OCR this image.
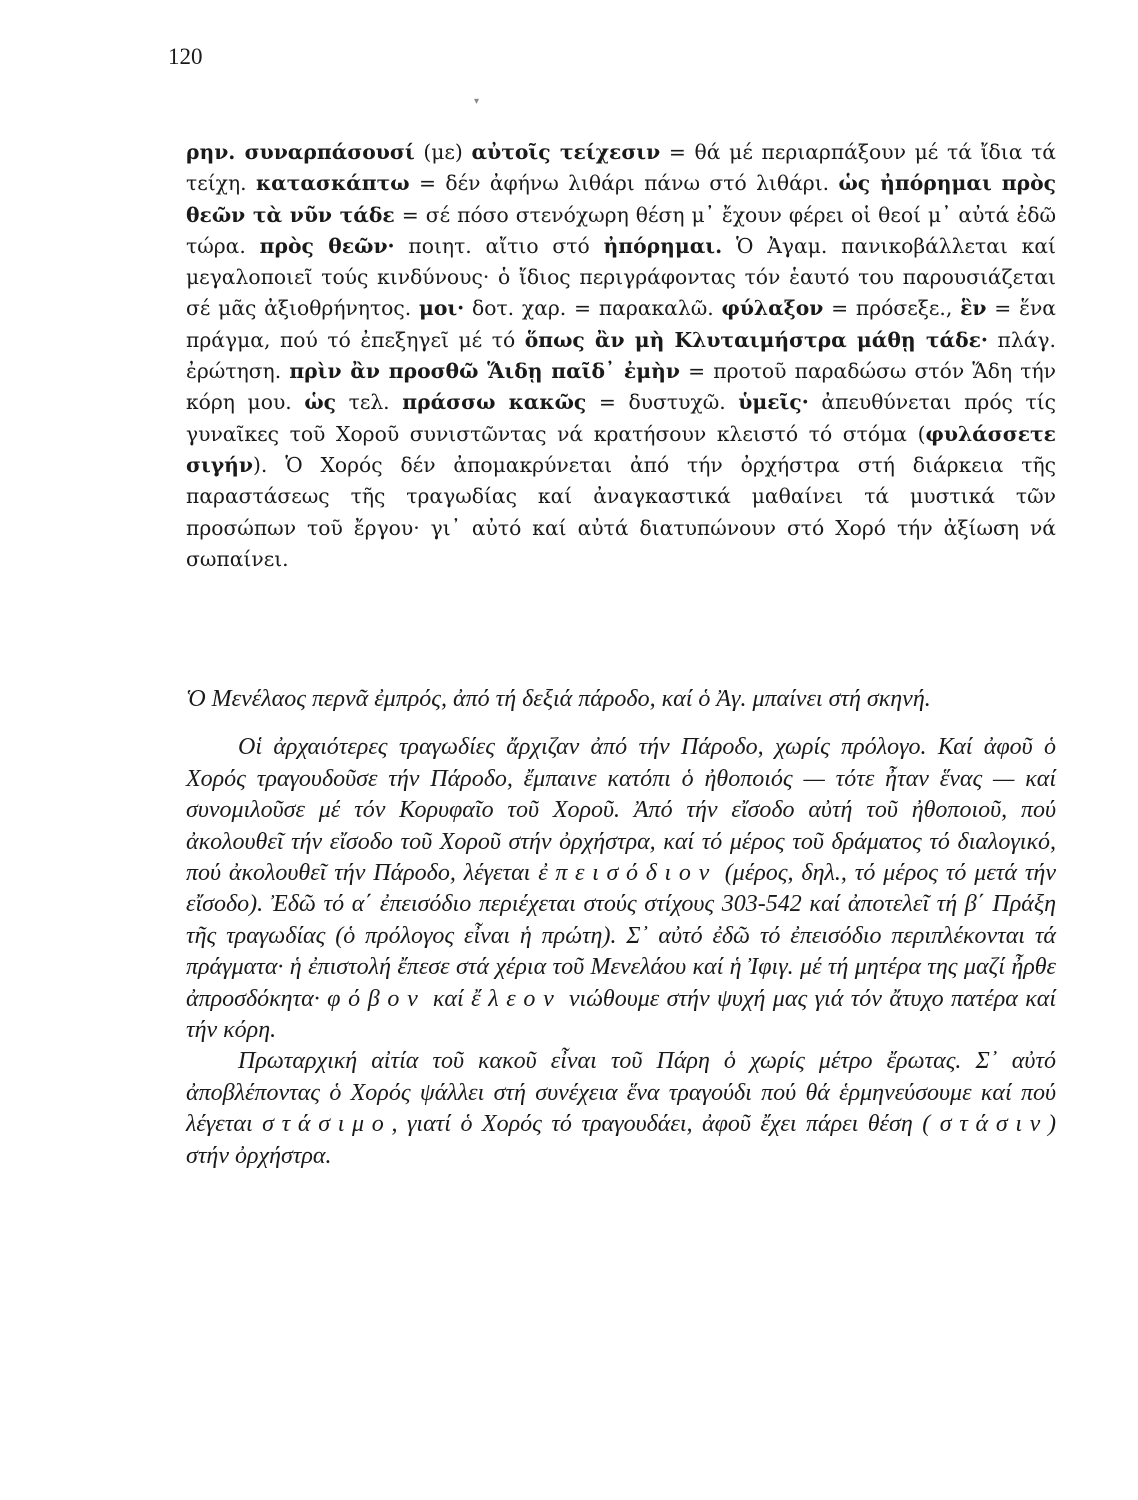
120
▾

ρην. συναρπάσουσί (με) αὐτοῖς τείχεσιν = θά μέ περιαρπάξουν μέ τά ἴδια τά τείχη. κατασκάπτω = δέν ἀφήνω λιθάρι πάνω στό λιθάρι. ὡς ἠπόρημαι πρὸς θεῶν τὰ νῦν τάδε = σέ πόσο στενόχωρη θέση μ᾿ ἔχουν φέρει οἱ θεοί μ᾿ αὐτά ἐδῶ τώρα. πρὸς θεῶν· ποιητ. αἴτιο στό ἠπόρημαι. Ὁ Ἀγαμ. πανικοβάλλεται καί μεγαλοποιεῖ τούς κινδύνους· ὁ ἴδιος περιγράφοντας τόν ἑαυτό του παρουσιάζεται σέ μᾶς ἀξιοθρήνητος. μοι· δοτ. χαρ. = παρακαλῶ. φύλαξον = πρόσεξε., ἓν = ἕνα πράγμα, πού τό ἐπεξηγεῖ μέ τό ὅπως ἂν μὴ Κλυταιμήστρα μάθῃ τάδε· πλάγ. ἐρώτηση. πρὶν ἂν προσθῶ Ἅιδῃ παῖδ᾿ ἐμὴν = προτοῦ παραδώσω στόν Ἅδη τήν κόρη μου. ὡς τελ. πράσσω κακῶς = δυστυχῶ. ὑμεῖς· ἀπευθύνεται πρός τίς γυναῖκες τοῦ Χοροῦ συνιστῶντας νά κρατήσουν κλειστό τό στόμα (φυλάσσετε σιγήν). Ὁ Χορός δέν ἀπομακρύνεται ἀπό τήν ὀρχήστρα στή διάρκεια τῆς παραστάσεως τῆς τραγωδίας καί ἀναγκαστικά μαθαίνει τά μυστικά τῶν προσώπων τοῦ ἔργου· γι᾿ αὐτό καί αὐτά διατυπώνουν στό Χορό τήν ἀξίωση νά σωπαίνει.

Ὁ Μενέλαος περνᾶ ἐμπρός, ἀπό τή δεξιά πάροδο, καί ὁ Ἀγ. μπαίνει στή σκηνή.

Οἱ ἀρχαιότερες τραγωδίες ἄρχιζαν ἀπό τήν Πάροδο, χωρίς πρόλογο. Καί ἀφοῦ ὁ Χορός τραγουδοῦσε τήν Πάροδο, ἔμπαινε κατόπι ὁ ἠθοποιός — τότε ἦταν ἕνας — καί συνομιλοῦσε μέ τόν Κορυφαῖο τοῦ Χοροῦ. Ἀπό τήν εἴσοδο αὐτή τοῦ ἠθοποιοῦ, πού ἀκολουθεῖ τήν εἴσοδο τοῦ Χοροῦ στήν ὀρχήστρα, καί τό μέρος τοῦ δράματος τό διαλογικό, πού ἀκολουθεῖ τήν Πάροδο, λέγεται ἐπεισόδιον (μέρος, δηλ., τό μέρος τό μετά τήν εἴσοδο). Ἐδῶ τό α΄ ἐπεισόδιο περιέχεται στούς στίχους 303-542 καί ἀποτελεῖ τή β΄ Πράξη τῆς τραγωδίας (ὁ πρόλογος εἶναι ἡ πρώτη). Σ᾿ αὐτό ἐδῶ τό ἐπεισόδιο περιπλέκονται τά πράγματα· ἡ ἐπιστολή ἔπεσε στά χέρια τοῦ Μενελάου καί ἡ Ἰφιγ. μέ τή μητέρα της μαζί ἦρθε ἀπροσδόκητα· φόβον καί ἔλεον νιώθουμε στήν ψυχή μας γιά τόν ἄτυχο πατέρα καί τήν κόρη.

Πρωταρχική αἰτία τοῦ κακοῦ εἶναι τοῦ Πάρη ὁ χωρίς μέτρο ἔρωτας. Σ᾿ αὐτό ἀποβλέποντας ὁ Χορός ψάλλει στή συνέχεια ἕνα τραγούδι πού θά ἑρμηνεύσουμε καί πού λέγεται στάσιμο, γιατί ὁ Χορός τό τραγουδάει, ἀφοῦ ἔχει πάρει θέση ( στάσιν) στήν ὀρχήστρα.
